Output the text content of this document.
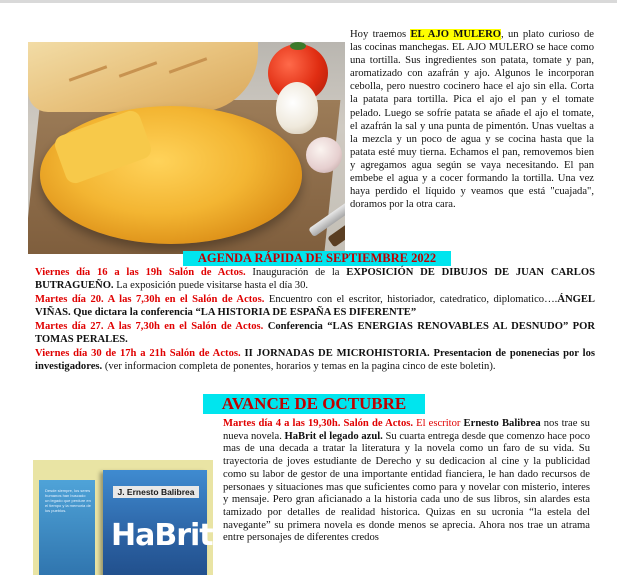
Hoy traemos EL AJO MULERO, un plato curioso de las cocinas manchegas. EL AJO MULERO se hace como una tortilla. Sus ingredientes son patata, tomate y pan, aromatizado con azafrán y ajo. Algunos le incorporan cebolla, pero nuestro cocinero hace el ajo sin ella. Corta la patata para tortilla. Pica el ajo el pan y el tomate pelado. Luego se sofríe patata se añade el ajo el tomate, el azafrán la sal y una punta de pimentón. Unas vueltas a la mezcla y un poco de agua y se cocina hasta que la patata esté muy tierna. Echamos el pan, removemos bien y agregamos agua según se vaya necesitando. El pan embebe el agua y a cocer formando la tortilla. Una vez haya perdido el líquido y veamos que está "cuajada", doramos por la otra cara.
AGENDA RÁPIDA DE SEPTIEMBRE 2022

Viernes día 16 a las 19h Salón de Actos. Inauguración de la EXPOSICIÓN DE DIBUJOS DE JUAN CARLOS BUTRAGUEÑO. La exposición puede visitarse hasta el día 30.

Martes día 20. A las 7,30h en el Salón de Actos. Encuentro con el escritor, historiador, catedratico, diplomatico….ÁNGEL VIÑAS. Que dictara la conferencia “LA HISTORIA DE ESPAÑA ES DIFERENTE”

Martes día 27. A las 7,30h en el Salón de Actos. Conferencia “LAS ENERGIAS RENOVABLES AL DESNUDO” POR TOMAS PERALES.

Viernes día 30 de 17h a 21h Salón de Actos. II JORNADAS DE MICROHISTORIA. Presentacion de ponenecias por los investigadores. (ver informacion completa de ponentes, horarios y temas en la pagina cinco de este boletin).

AVANCE DE OCTUBRE
Martes día 4 a las 19,30h. Salón de Actos. El escritor Ernesto Balibrea nos trae su nueva novela. HaBrit el legado azul. Su cuarta entrega desde que comenzo hace poco mas de una decada a tratar la literatura y la novela como un faro de su vida. Su trayectoria de joves estudiante de Derecho y su dedicacion al cine y la publicidad como su labor de gestor de una importante entidad fianciera, le han dado recursos de personaes y situaciones mas que suficientes como para y novelar con misterio, interes y mensaje. Pero gran aficianado a la historia cada uno de sus libros, sin alardes esta tamizado por detalles de realidad historica. Quizas en su ucronia “la estela del navegante” su primera novela es donde menos se aprecia. Ahora nos trae un atrama entre personajes de diferentes credos
Desde siempre, los seres humanos han buscado un legado que perdure en el tiempo y la memoria de los pueblos.
J. Ernesto Balibrea
HaBrit
